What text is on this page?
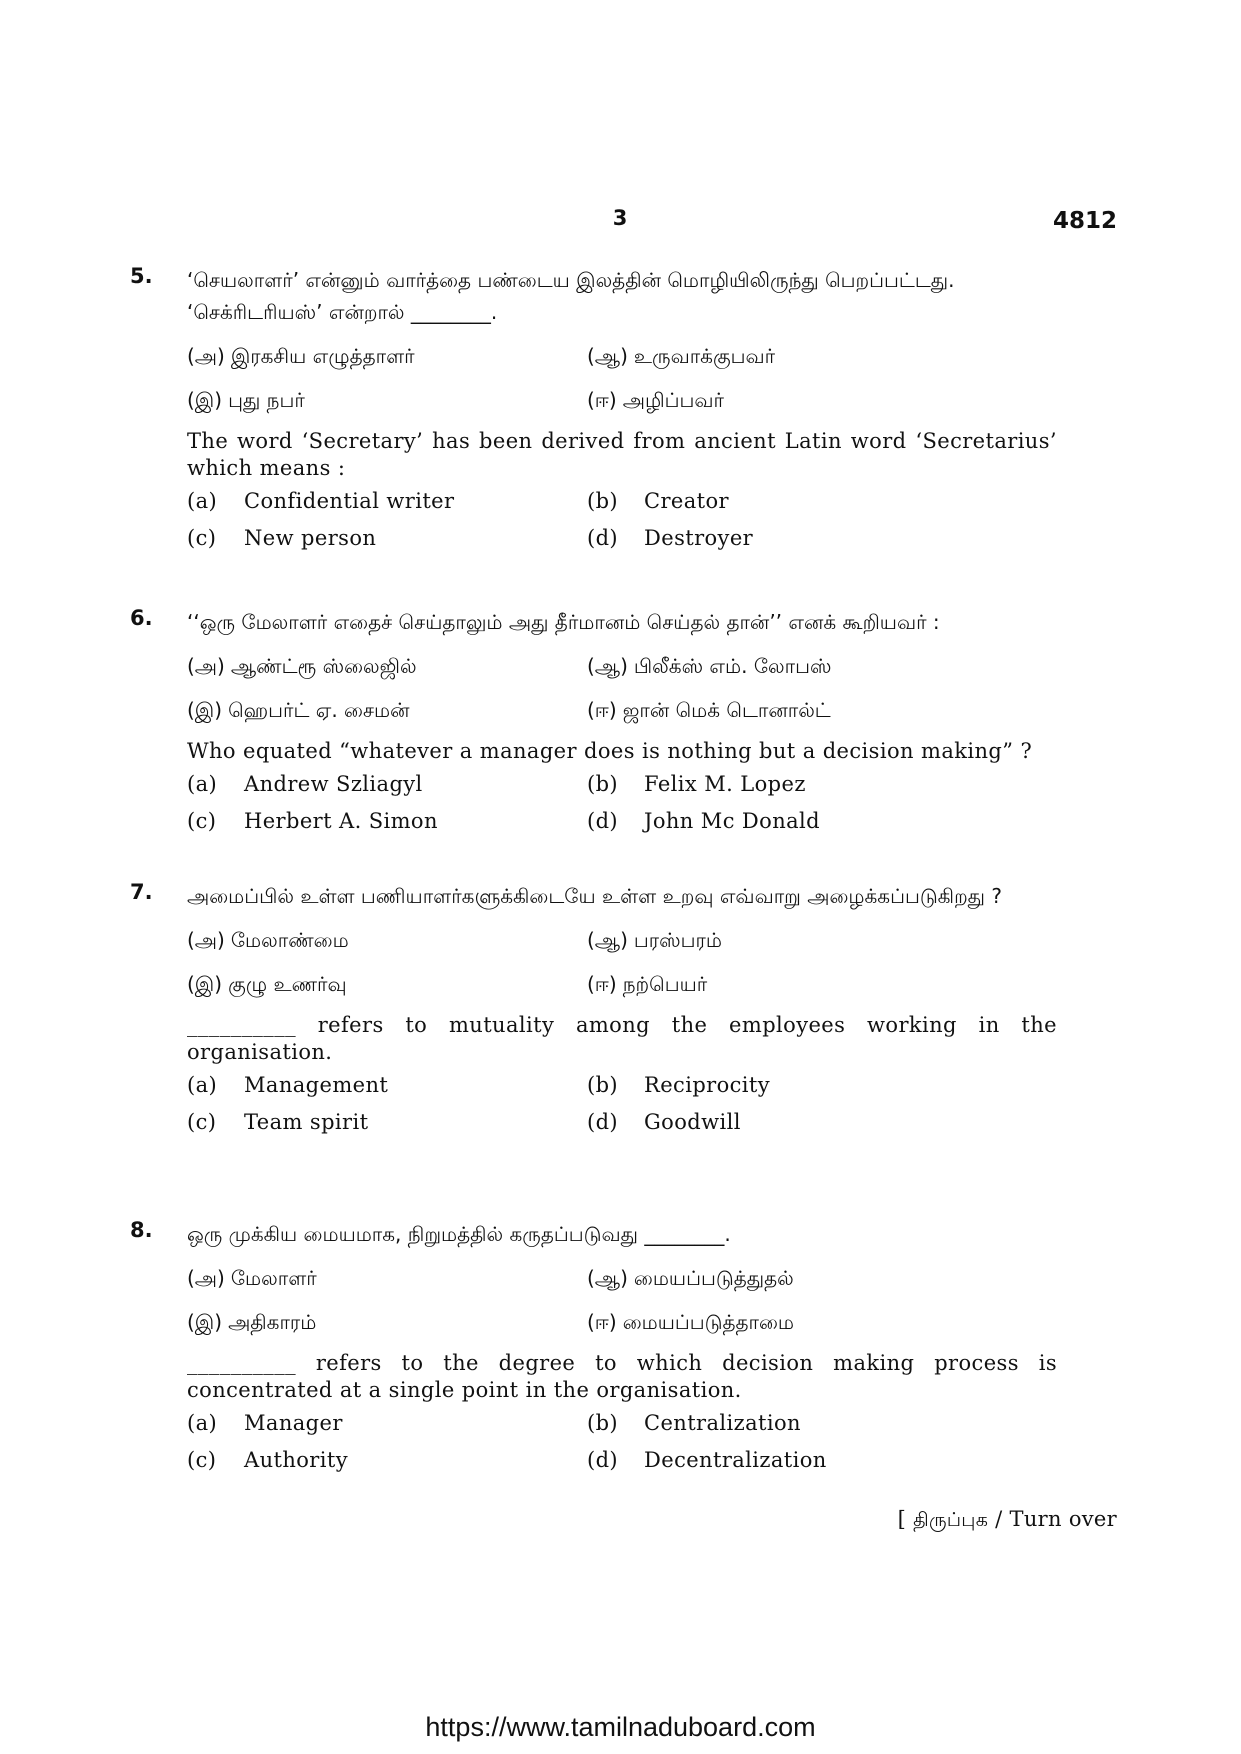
3	4812
5. ‘செயலாளர்’ என்னும் வார்த்தை பண்டைய இலத்தின் மொழியிலிருந்து பெறப்பட்டது. ‘செக்ரிடரியஸ்’ என்றால் ________.
(அ) இரகசிய எழுத்தாளர்	(ஆ) உருவாக்குபவர்
(இ) புது நபர்	(ஈ) அழிப்பவர்
The word ‘Secretary’ has been derived from ancient Latin word ‘Secretarius’ which means :
(a)	Confidential writer	(b)	Creator
(c)	New person	(d)	Destroyer
6. ‘‘ஒரு மேலாளர் எதைச் செய்தாலும் அது தீர்மானம் செய்தல் தான்’’ எனக் கூறியவர் :
(அ) ஆண்ட்ரூ ஸ்லைஜில்	(ஆ) பிலீக்ஸ் எம். லோபஸ்
(இ) ஹெபர்ட் ஏ. சைமன்	(ஈ) ஜான் மெக் டொனால்ட்
Who equated “whatever a manager does is nothing but a decision making” ?
(a)	Andrew Szliagyl	(b)	Felix M. Lopez
(c)	Herbert A. Simon	(d)	John Mc Donald
7. அமைப்பில் உள்ள பணியாளர்களுக்கிடையே உள்ள உறவு எவ்வாறு அழைக்கப்படுகிறது ?
(அ) மேலாண்மை	(ஆ) பரஸ்பரம்
(இ) குழு உணர்வு	(ஈ) நற்பெயர்
__________ refers to mutuality among the employees working in the organisation.
(a)	Management	(b)	Reciprocity
(c)	Team spirit	(d)	Goodwill
8. ஒரு முக்கிய மையமாக, நிறுமத்தில் கருதப்படுவது ________.
(அ) மேலாளர்	(ஆ) மையப்படுத்துதல்
(இ) அதிகாரம்	(ஈ) மையப்படுத்தாமை
__________ refers to the degree to which decision making process is concentrated at a single point in the organisation.
(a)	Manager	(b)	Centralization
(c)	Authority	(d)	Decentralization
[ திருப்புக / Turn over
https://www.tamilnaduboard.com
